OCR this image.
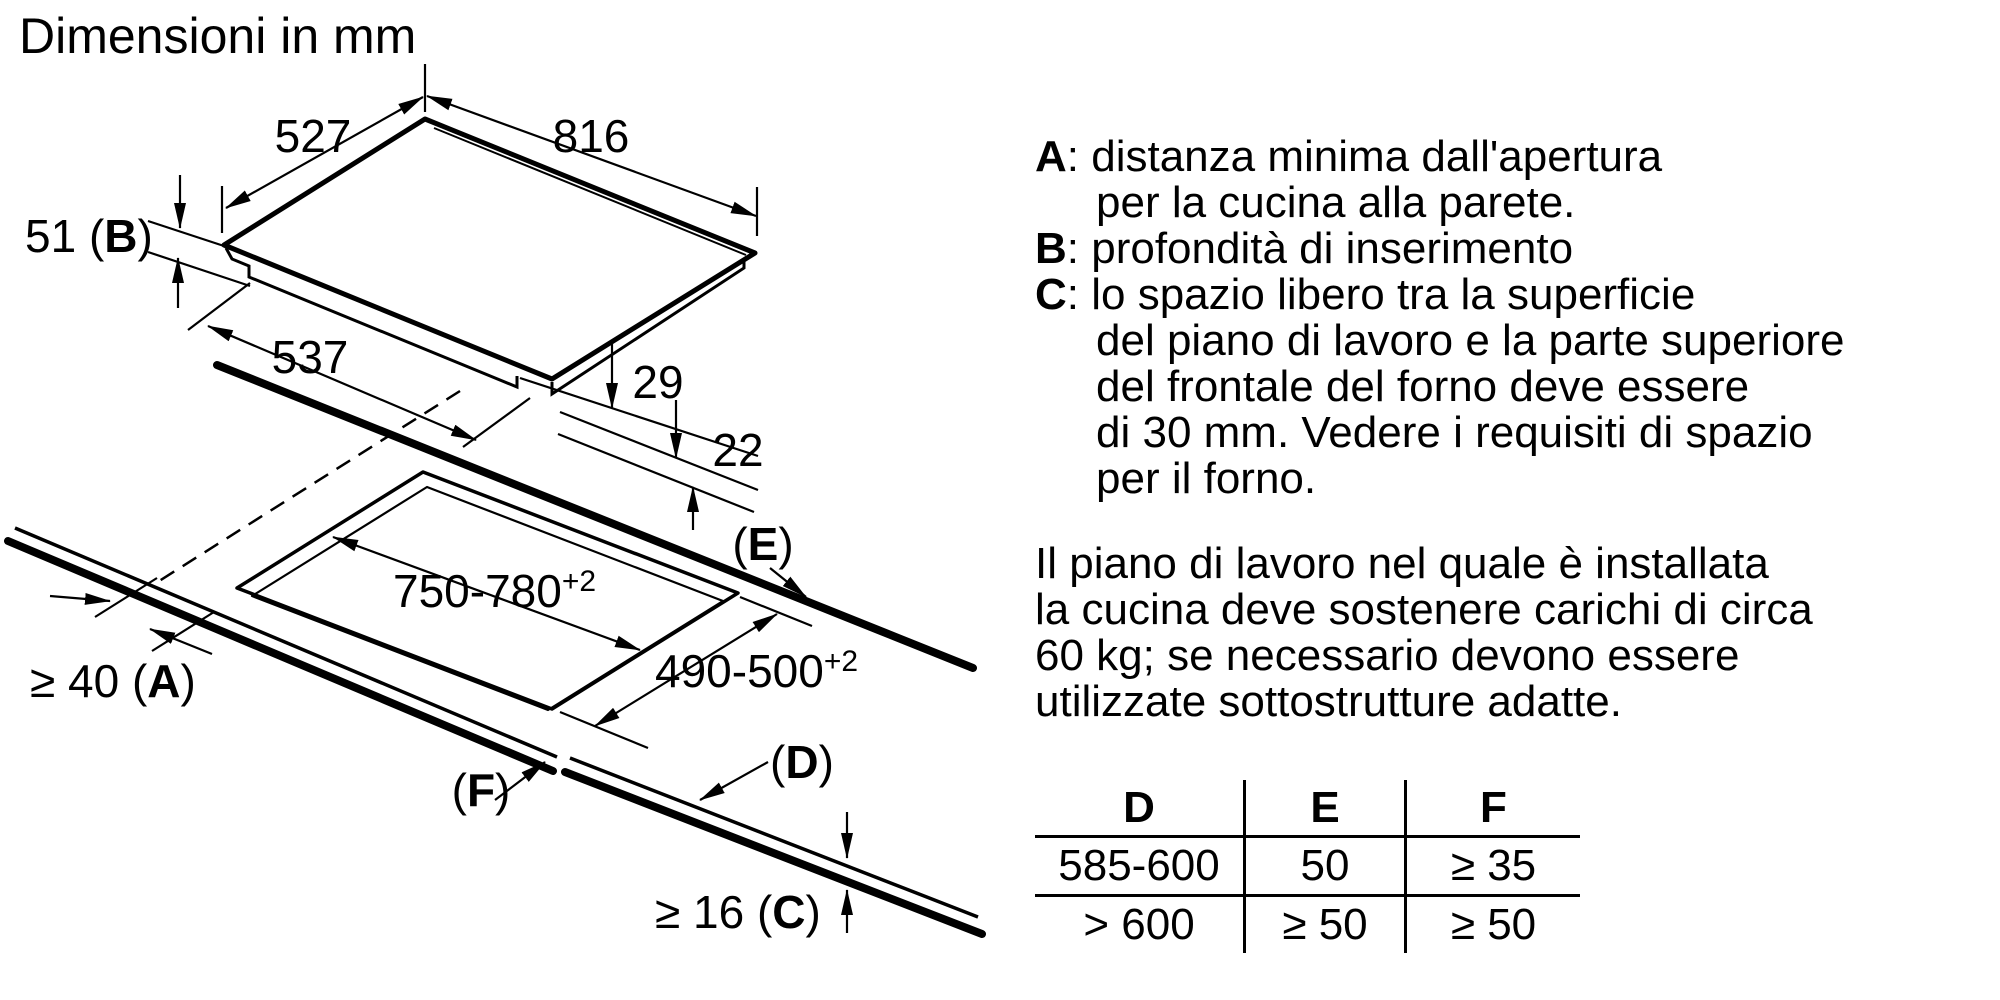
Dimensioni in mm
527	816
51 (B)
537	29
22
$750-780^{+2}$
$490-500^{+2}$
(E)
(D)
(F)
≥ 40 (A)
≥ 16 (C)
A: distanza minima dall'apertura
per la cucina alla parete.
B: profondità di inserimento
C: lo spazio libero tra la superficie
del piano di lavoro e la parte superiore
del frontale del forno deve essere
di 30 mm. Vedere i requisiti di spazio
per il forno.
Il piano di lavoro nel quale è installata
la cucina deve sostenere carichi di circa
60 kg; se necessario devono essere
utilizzate sottostrutture adatte.
D	E	F
585-600	50	≥ 35
> 600	≥ 50	≥ 50
